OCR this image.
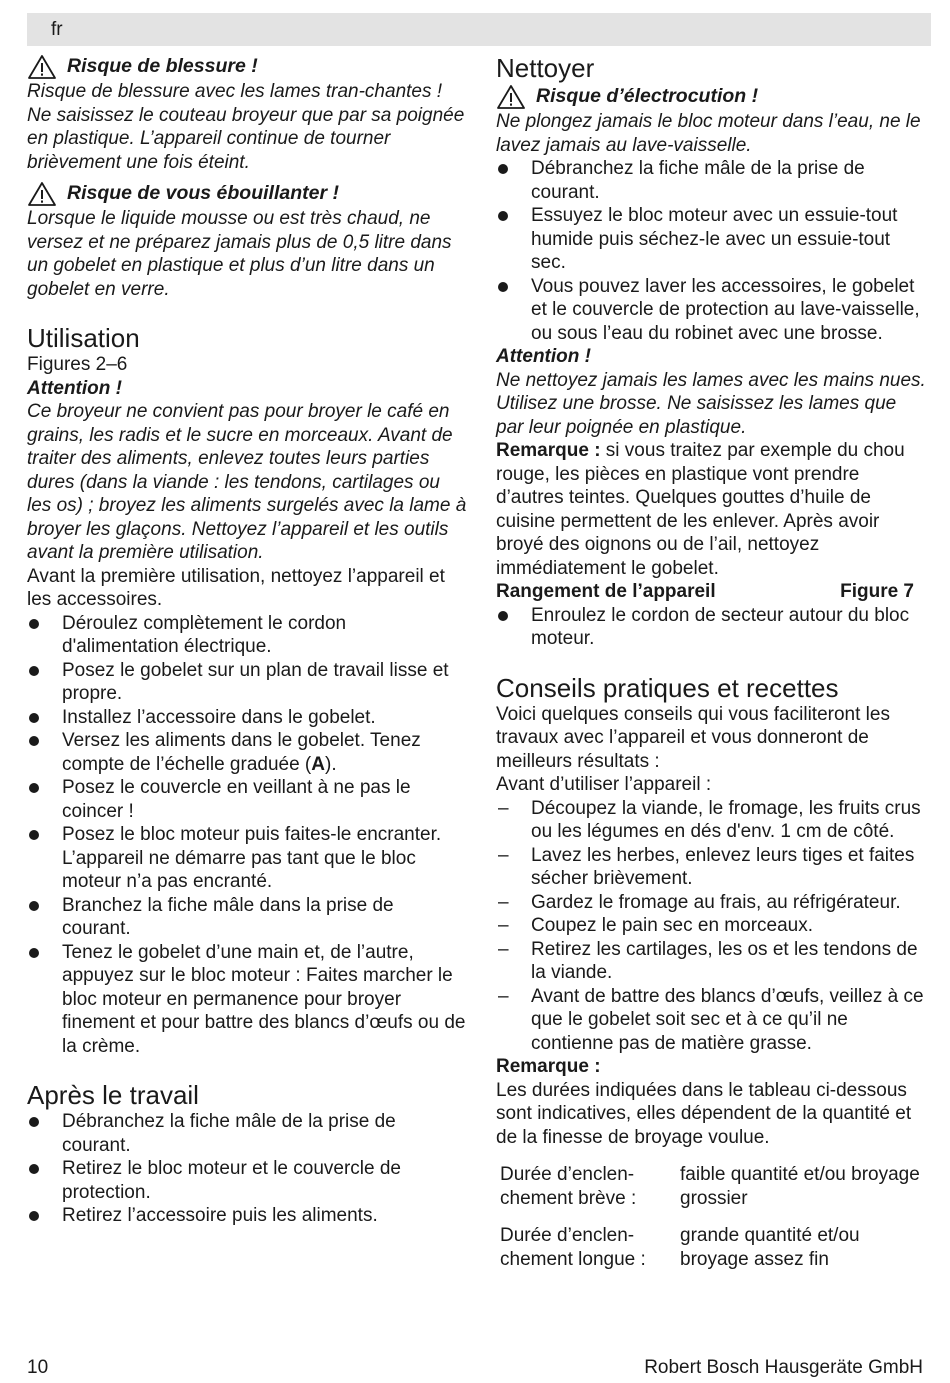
fr

Risque de blessure !

Risque de blessure avec les lames tran-chantes ! Ne saisissez le couteau broyeur que par sa poignée en plastique. L’appareil continue de tourner brièvement une fois éteint.

Risque de vous ébouillanter !

Lorsque le liquide mousse ou est très chaud, ne versez et ne préparez jamais plus de 0,5 litre dans un gobelet en plastique et plus d’un litre dans un gobelet en verre.

Utilisation

Figures 2–6

Attention !

Ce broyeur ne convient pas pour broyer le café en grains, les radis et le sucre en morceaux. Avant de traiter des aliments, enlevez toutes leurs parties dures (dans la viande : les tendons, cartilages ou les os) ; broyez les aliments surgelés avec la lame à broyer les glaçons. Nettoyez l’appareil et les outils avant la première utilisation.

Avant la première utilisation, nettoyez l’appareil et les accessoires.

Déroulez complètement le cordon d'alimentation électrique.
Posez le gobelet sur un plan de travail lisse et propre.
Installez l’accessoire dans le gobelet.
Versez les aliments dans le gobelet. Tenez compte de l’échelle graduée (A).
Posez le couvercle en veillant à ne pas le coincer !
Posez le bloc moteur puis faites-le encranter. L’appareil ne démarre pas tant que le bloc moteur n’a pas encranté.
Branchez la fiche mâle dans la prise de courant.
Tenez le gobelet d’une main et, de l’autre, appuyez sur le bloc moteur : Faites marcher le bloc moteur en permanence pour broyer finement et pour battre des blancs d’œufs ou de la crème.
Après le travail
Débranchez la fiche mâle de la prise de courant.
Retirez le bloc moteur et le couvercle de protection.
Retirez l’accessoire puis les aliments.
Nettoyer

Risque d’électrocution !

Ne plongez jamais le bloc moteur dans l’eau, ne le lavez jamais au lave-vaisselle.

Débranchez la fiche mâle de la prise de courant.
Essuyez le bloc moteur avec un essuie-tout humide puis séchez-le avec un essuie-tout sec.
Vous pouvez laver les accessoires, le gobelet et le couvercle de protection au lave-vaisselle, ou sous l’eau du robinet avec une brosse.

Attention !

Ne nettoyez jamais les lames avec les mains nues. Utilisez une brosse. Ne saisissez les lames que par leur poignée en plastique.

Remarque : si vous traitez par exemple du chou rouge, les pièces en plastique vont prendre d’autres teintes. Quelques gouttes d’huile de cuisine permettent de les enlever. Après avoir broyé des oignons ou de l’ail, nettoyez immédiatement le gobelet.

Rangement de l’appareil	Figure 7
Enroulez le cordon de secteur autour du bloc moteur.
Conseils pratiques et recettes

Voici quelques conseils qui vous faciliteront les travaux avec l’appareil et vous donneront de meilleurs résultats :

Avant d’utiliser l’appareil :

– Découpez la viande, le fromage, les fruits crus ou les légumes en dés d'env. 1 cm de côté.
– Lavez les herbes, enlevez leurs tiges et faites sécher brièvement.
– Gardez le fromage au frais, au réfrigérateur.
– Coupez le pain sec en morceaux.
– Retirez les cartilages, les os et les tendons de la viande.
– Avant de battre des blancs d’œufs, veillez à ce que le gobelet soit sec et à ce qu’il ne contienne pas de matière grasse.

Remarque :

Les durées indiquées dans le tableau ci-dessous sont indicatives, elles dépendent de la quantité et de la finesse de broyage voulue.

Durée d’enclen-chement brève :	faible quantité et/ou broyage grossier
Durée d’enclen-chement longue :	grande quantité et/ou broyage assez fin
10	Robert Bosch Hausgeräte GmbH
